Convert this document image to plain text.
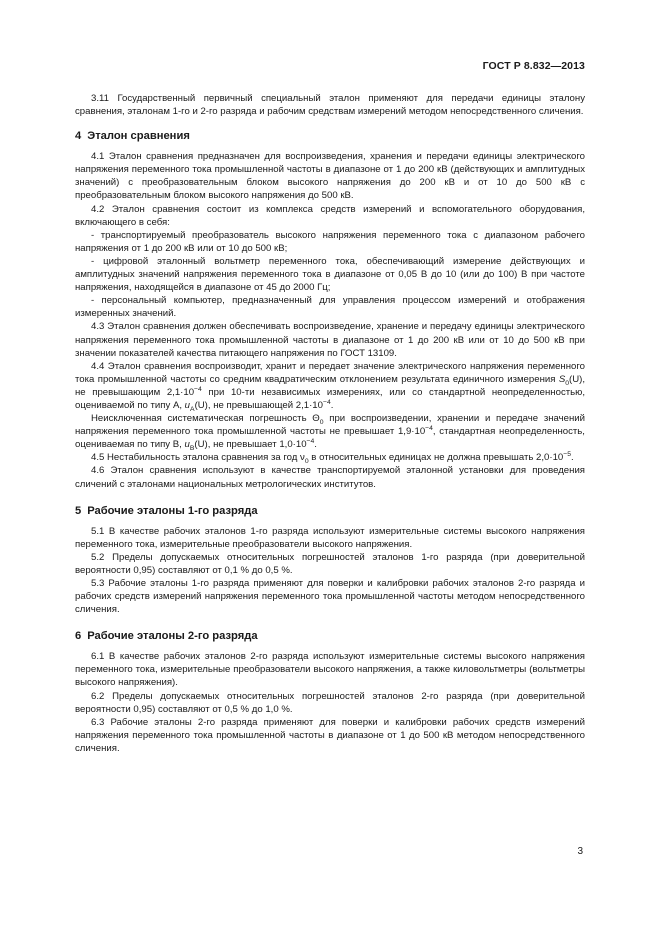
ГОСТ Р 8.832—2013

3.11 Государственный первичный специальный эталон применяют для передачи единицы эталону сравнения, эталонам 1-го и 2-го разряда и рабочим средствам измерений методом непосредственного сличения.

4 Эталон сравнения

4.1 Эталон сравнения предназначен для воспроизведения, хранения и передачи единицы электрического напряжения переменного тока промышленной частоты в диапазоне от 1 до 200 кВ (действующих и амплитудных значений) с преобразовательным блоком высокого напряжения до 200 кВ и от 10 до 500 кВ с преобразовательным блоком высокого напряжения до 500 кВ.

4.2 Эталон сравнения состоит из комплекса средств измерений и вспомогательного оборудования, включающего в себя:

- транспортируемый преобразователь высокого напряжения переменного тока с диапазоном рабочего напряжения от 1 до 200 кВ или от 10 до 500 кВ;

- цифровой эталонный вольтметр переменного тока, обеспечивающий измерение действующих и амплитудных значений напряжения переменного тока в диапазоне от 0,05 В до 10 (или до 100) В при частоте напряжения, находящейся в диапазоне от 45 до 2000 Гц;

- персональный компьютер, предназначенный для управления процессом измерений и отображения измеренных значений.

4.3 Эталон сравнения должен обеспечивать воспроизведение, хранение и передачу единицы электрического напряжения переменного тока промышленной частоты в диапазоне от 1 до 200 кВ или от 10 до 500 кВ при значении показателей качества питающего напряжения по ГОСТ 13109.

4.4 Эталон сравнения воспроизводит, хранит и передает значение электрического напряжения переменного тока промышленной частоты со средним квадратическим отклонением результата единичного измерения $S_0(U)$, не превышающим $2,1\cdot 10^{-4}$ при 10-ти независимых измерениях, или со стандартной неопределенностью, оцениваемой по типу А, $u_A(U)$, не превышающей $2,1\cdot 10^{-4}$.

Неисключенная систематическая погрешность $\Theta_0$ при воспроизведении, хранении и передаче значений напряжения переменного тока промышленной частоты не превышает $1,9\cdot 10^{-4}$, стандартная неопределенность, оцениваемая по типу В, $u_B(U)$, не превышает $1,0\cdot 10^{-4}$.

4.5 Нестабильность эталона сравнения за год $\nu_0$ в относительных единицах не должна превышать $2,0\cdot 10^{-5}$.

4.6 Эталон сравнения используют в качестве транспортируемой эталонной установки для проведения сличений с эталонами национальных метрологических институтов.

5 Рабочие эталоны 1-го разряда

5.1 В качестве рабочих эталонов 1-го разряда используют измерительные системы высокого напряжения переменного тока, измерительные преобразователи высокого напряжения.

5.2 Пределы допускаемых относительных погрешностей эталонов 1-го разряда (при доверительной вероятности 0,95) составляют от 0,1 % до 0,5 %.

5.3 Рабочие эталоны 1-го разряда применяют для поверки и калибровки рабочих эталонов 2-го разряда и рабочих средств измерений напряжения переменного тока промышленной частоты методом непосредственного сличения.

6 Рабочие эталоны 2-го разряда

6.1 В качестве рабочих эталонов 2-го разряда используют измерительные системы высокого напряжения переменного тока, измерительные преобразователи высокого напряжения, а также киловольтметры (вольтметры высокого напряжения).

6.2 Пределы допускаемых относительных погрешностей эталонов 2-го разряда (при доверительной вероятности 0,95) составляют от 0,5 % до 1,0 %.

6.3 Рабочие эталоны 2-го разряда применяют для поверки и калибровки рабочих средств измерений напряжения переменного тока промышленной частоты в диапазоне от 1 до 500 кВ методом непосредственного сличения.

3
